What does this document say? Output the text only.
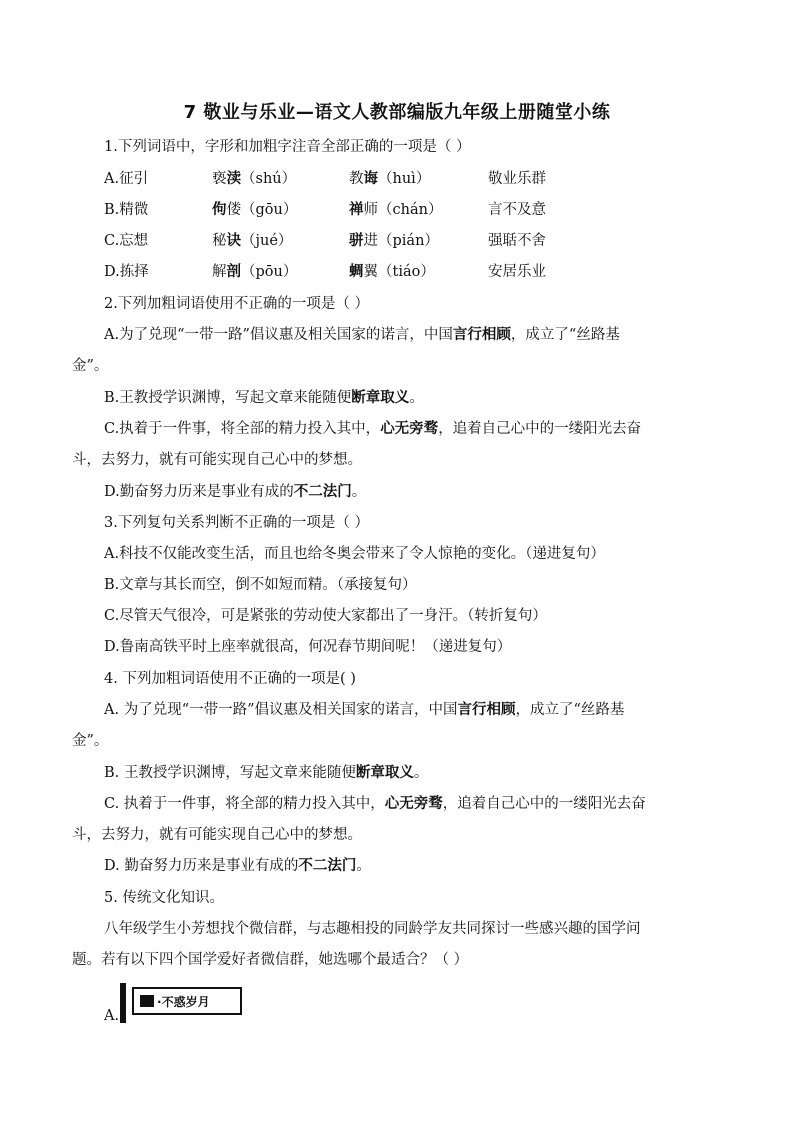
7 敬业与乐业—语文人教部编版九年级上册随堂小练
1.下列词语中，字形和加粗字注音全部正确的一项是（ ）
A.征引	亵渎（shú）	教诲（huì）	敬业乐群
B.精微	佝偻（gōu）	禅师（chán）	言不及意
C.忘想	秘诀（jué）	骈进（pián）	强聒不舍
D.拣择	解剖（pōu）	蜩翼（tiáo）	安居乐业
2.下列加粗词语使用不正确的一项是（ ）
A.为了兑现“一带一路”倡议惠及相关国家的诺言，中国言行相顾，成立了“丝路基
金”。
B.王教授学识渊博，写起文章来能随便断章取义。
C.执着于一件事，将全部的精力投入其中，心无旁骛，追着自己心中的一缕阳光去奋
斗，去努力，就有可能实现自己心中的梦想。
D.勤奋努力历来是事业有成的不二法门。
3.下列复句关系判断不正确的一项是（ ）
A.科技不仅能改变生活，而且也给冬奥会带来了令人惊艳的变化。（递进复句）
B.文章与其长而空，倒不如短而精。（承接复句）
C.尽管天气很冷，可是紧张的劳动使大家都出了一身汗。（转折复句）
D.鲁南高铁平时上座率就很高，何况春节期间呢！（递进复句）
4. 下列加粗词语使用不正确的一项是( )
A. 为了兑现“一带一路”倡议惠及相关国家的诺言，中国言行相顾，成立了“丝路基
金”。
B. 王教授学识渊博，写起文章来能随便断章取义。
C. 执着于一件事，将全部的精力投入其中，心无旁骛，追着自己心中的一缕阳光去奋
斗，去努力，就有可能实现自己心中的梦想。
D. 勤奋努力历来是事业有成的不二法门。
5. 传统文化知识。
八年级学生小芳想找个微信群，与志趣相投的同龄学友共同探讨一些感兴趣的国学问
题。若有以下四个国学爱好者微信群，她选哪个最适合？（ ）
A.
·不惑岁月
